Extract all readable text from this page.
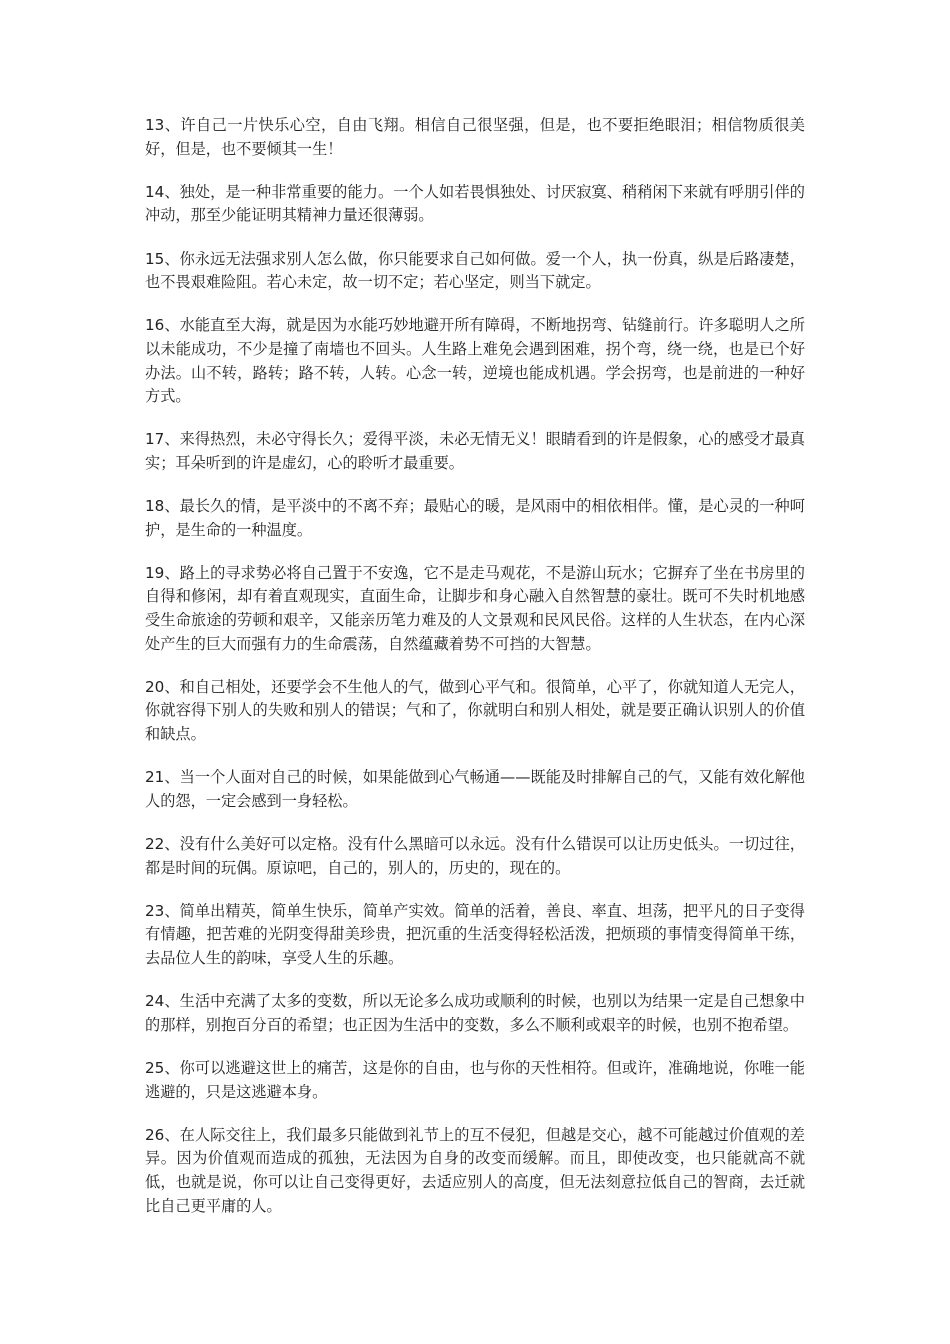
13、许自己一片快乐心空，自由飞翔。相信自己很坚强，但是，也不要拒绝眼泪；相信物质很美好，但是，也不要倾其一生！

14、独处，是一种非常重要的能力。一个人如若畏惧独处、讨厌寂寞、稍稍闲下来就有呼朋引伴的冲动，那至少能证明其精神力量还很薄弱。

15、你永远无法强求别人怎么做，你只能要求自己如何做。爱一个人，执一份真，纵是后路凄楚，也不畏艰难险阻。若心未定，故一切不定；若心坚定，则当下就定。

16、水能直至大海，就是因为水能巧妙地避开所有障碍，不断地拐弯、钻缝前行。许多聪明人之所以未能成功，不少是撞了南墙也不回头。人生路上难免会遇到困难，拐个弯，绕一绕，也是已个好办法。山不转，路转；路不转，人转。心念一转，逆境也能成机遇。学会拐弯，也是前进的一种好方式。

17、来得热烈，未必守得长久；爱得平淡，未必无情无义！眼睛看到的许是假象，心的感受才最真实；耳朵听到的许是虚幻，心的聆听才最重要。

18、最长久的情，是平淡中的不离不弃；最贴心的暖，是风雨中的相依相伴。懂，是心灵的一种呵护，是生命的一种温度。

19、路上的寻求势必将自己置于不安逸，它不是走马观花，不是游山玩水；它摒弃了坐在书房里的自得和修闲，却有着直观现实，直面生命，让脚步和身心融入自然智慧的豪壮。既可不失时机地感受生命旅途的劳顿和艰辛，又能亲历笔力难及的人文景观和民风民俗。这样的人生状态，在内心深处产生的巨大而强有力的生命震荡，自然蕴藏着势不可挡的大智慧。

20、和自己相处，还要学会不生他人的气，做到心平气和。很简单，心平了，你就知道人无完人，你就容得下别人的失败和别人的错误；气和了，你就明白和别人相处，就是要正确认识别人的价值和缺点。

21、当一个人面对自己的时候，如果能做到心气畅通——既能及时排解自己的气，又能有效化解他人的怨，一定会感到一身轻松。

22、没有什么美好可以定格。没有什么黑暗可以永远。没有什么错误可以让历史低头。一切过往，都是时间的玩偶。原谅吧，自己的，别人的，历史的，现在的。

23、简单出精英，简单生快乐，简单产实效。简单的活着，善良、率直、坦荡，把平凡的日子变得有情趣，把苦难的光阴变得甜美珍贵，把沉重的生活变得轻松活泼，把烦琐的事情变得简单干练，去品位人生的韵味，享受人生的乐趣。

24、生活中充满了太多的变数，所以无论多么成功或顺利的时候，也别以为结果一定是自己想象中的那样，别抱百分百的希望；也正因为生活中的变数，多么不顺利或艰辛的时候，也别不抱希望。

25、你可以逃避这世上的痛苦，这是你的自由，也与你的天性相符。但或许，准确地说，你唯一能逃避的，只是这逃避本身。

26、在人际交往上，我们最多只能做到礼节上的互不侵犯，但越是交心，越不可能越过价值观的差异。因为价值观而造成的孤独，无法因为自身的改变而缓解。而且，即使改变，也只能就高不就低，也就是说，你可以让自己变得更好，去适应别人的高度，但无法刻意拉低自己的智商，去迁就比自己更平庸的人。
